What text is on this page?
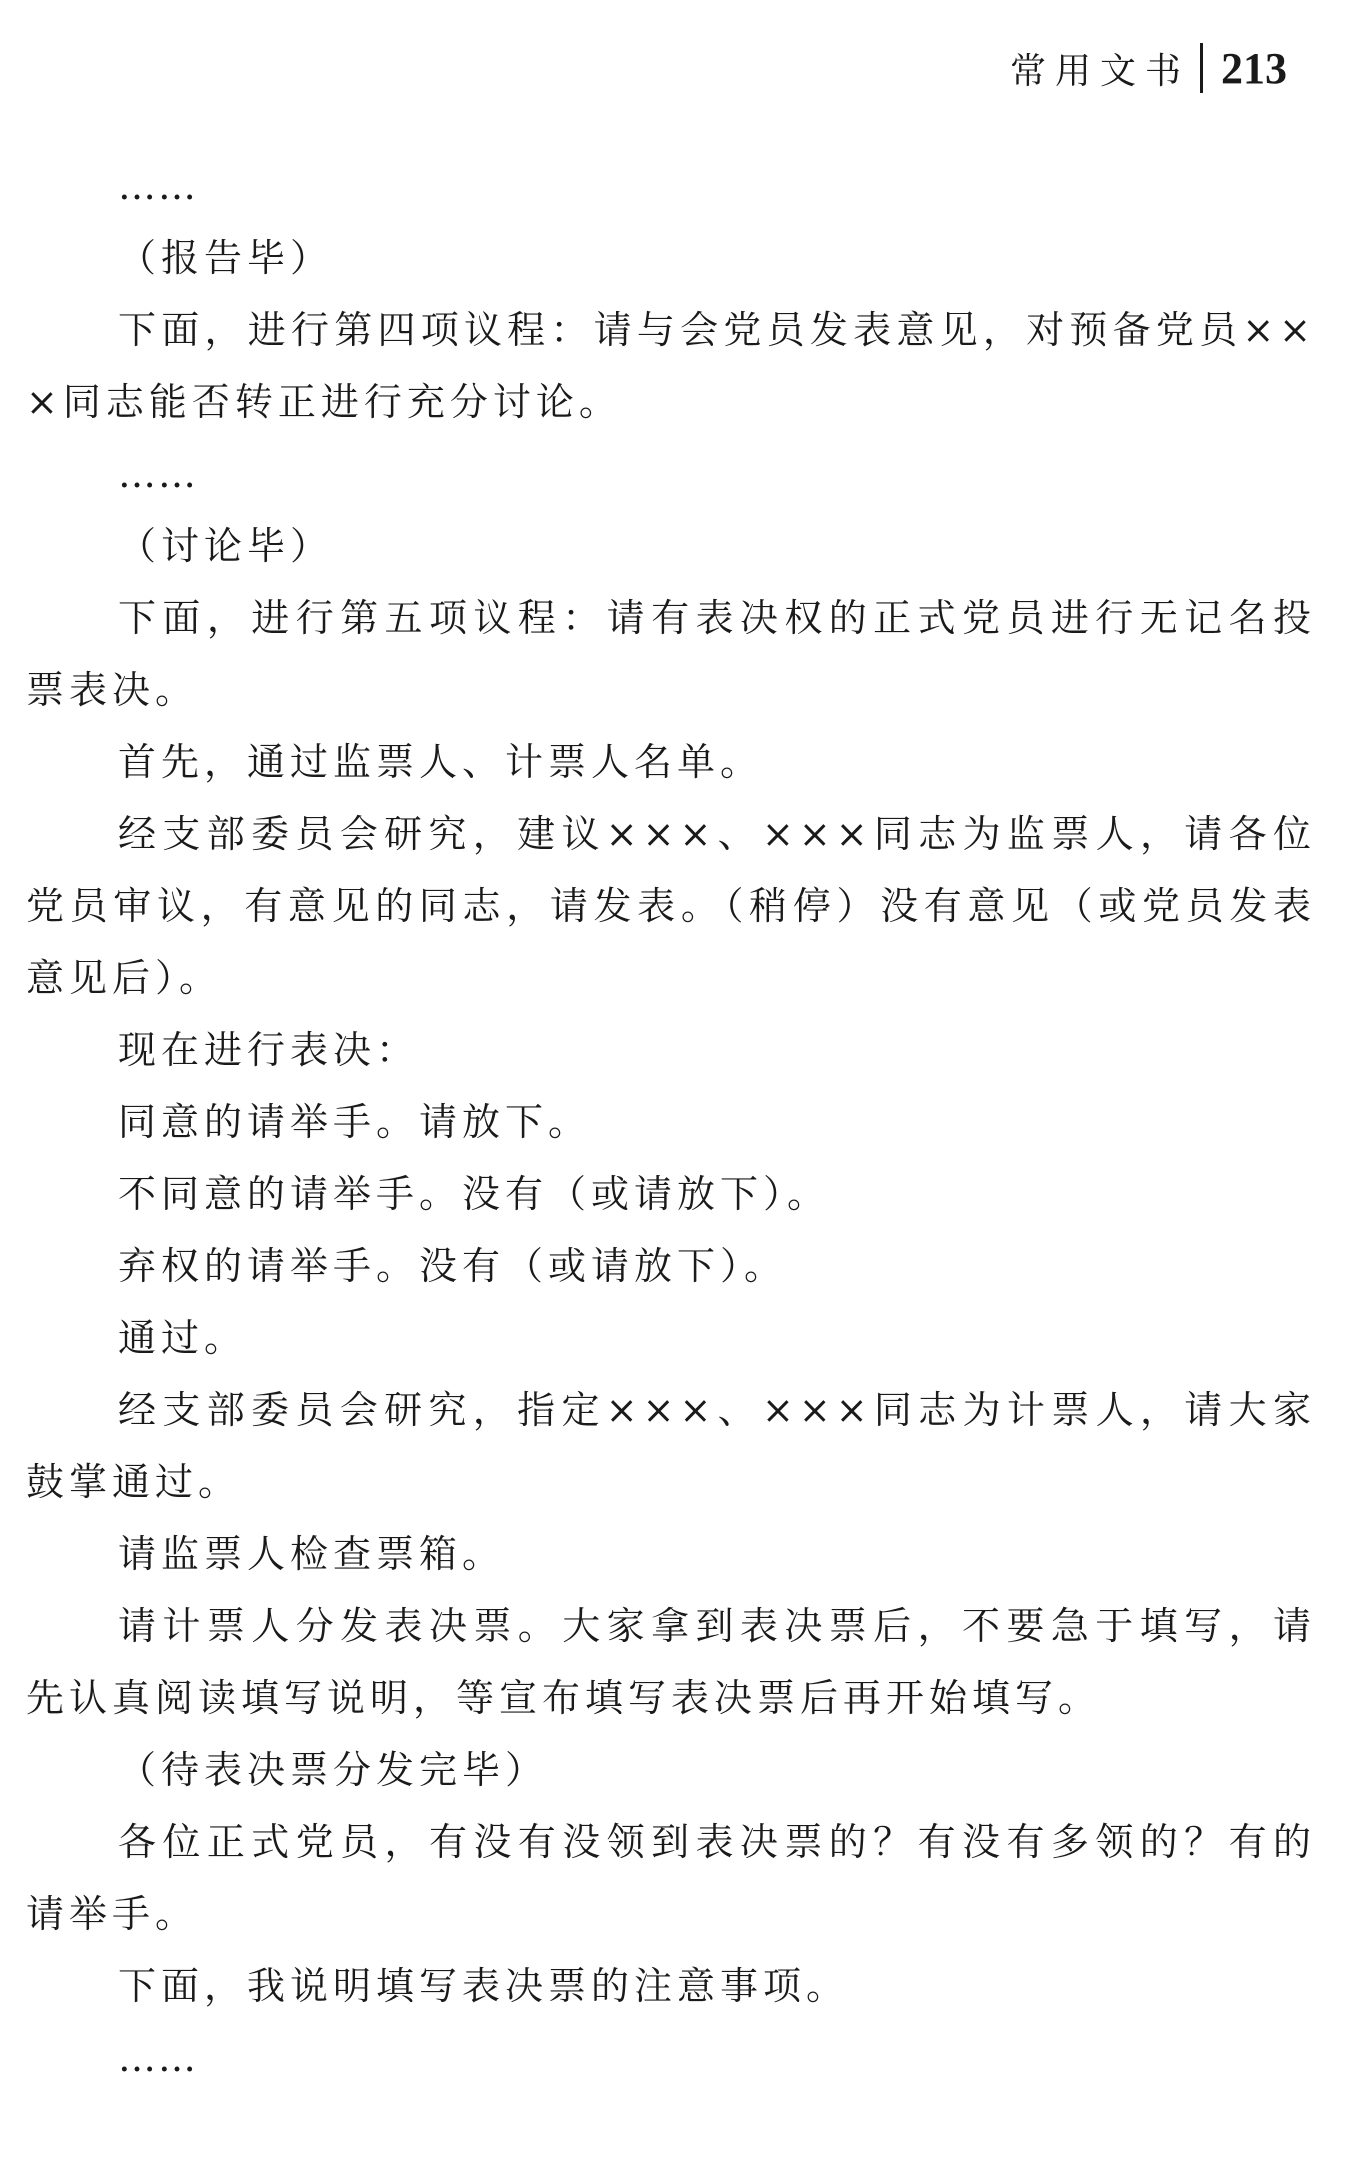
常用文书 213

……

（报告毕）

下面，进行第四项议程：请与会党员发表意见，对预备党员×××同志能否转正进行充分讨论。

……

（讨论毕）

下面，进行第五项议程：请有表决权的正式党员进行无记名投票表决。

首先，通过监票人、计票人名单。

经支部委员会研究，建议×××、×××同志为监票人，请各位党员审议，有意见的同志，请发表。（稍停）没有意见（或党员发表意见后）。

现在进行表决：

同意的请举手。请放下。

不同意的请举手。没有（或请放下）。

弃权的请举手。没有（或请放下）。

通过。

经支部委员会研究，指定×××、×××同志为计票人，请大家鼓掌通过。

请监票人检查票箱。

请计票人分发表决票。大家拿到表决票后，不要急于填写，请先认真阅读填写说明，等宣布填写表决票后再开始填写。

（待表决票分发完毕）

各位正式党员，有没有没领到表决票的？有没有多领的？有的请举手。

下面，我说明填写表决票的注意事项。

……
